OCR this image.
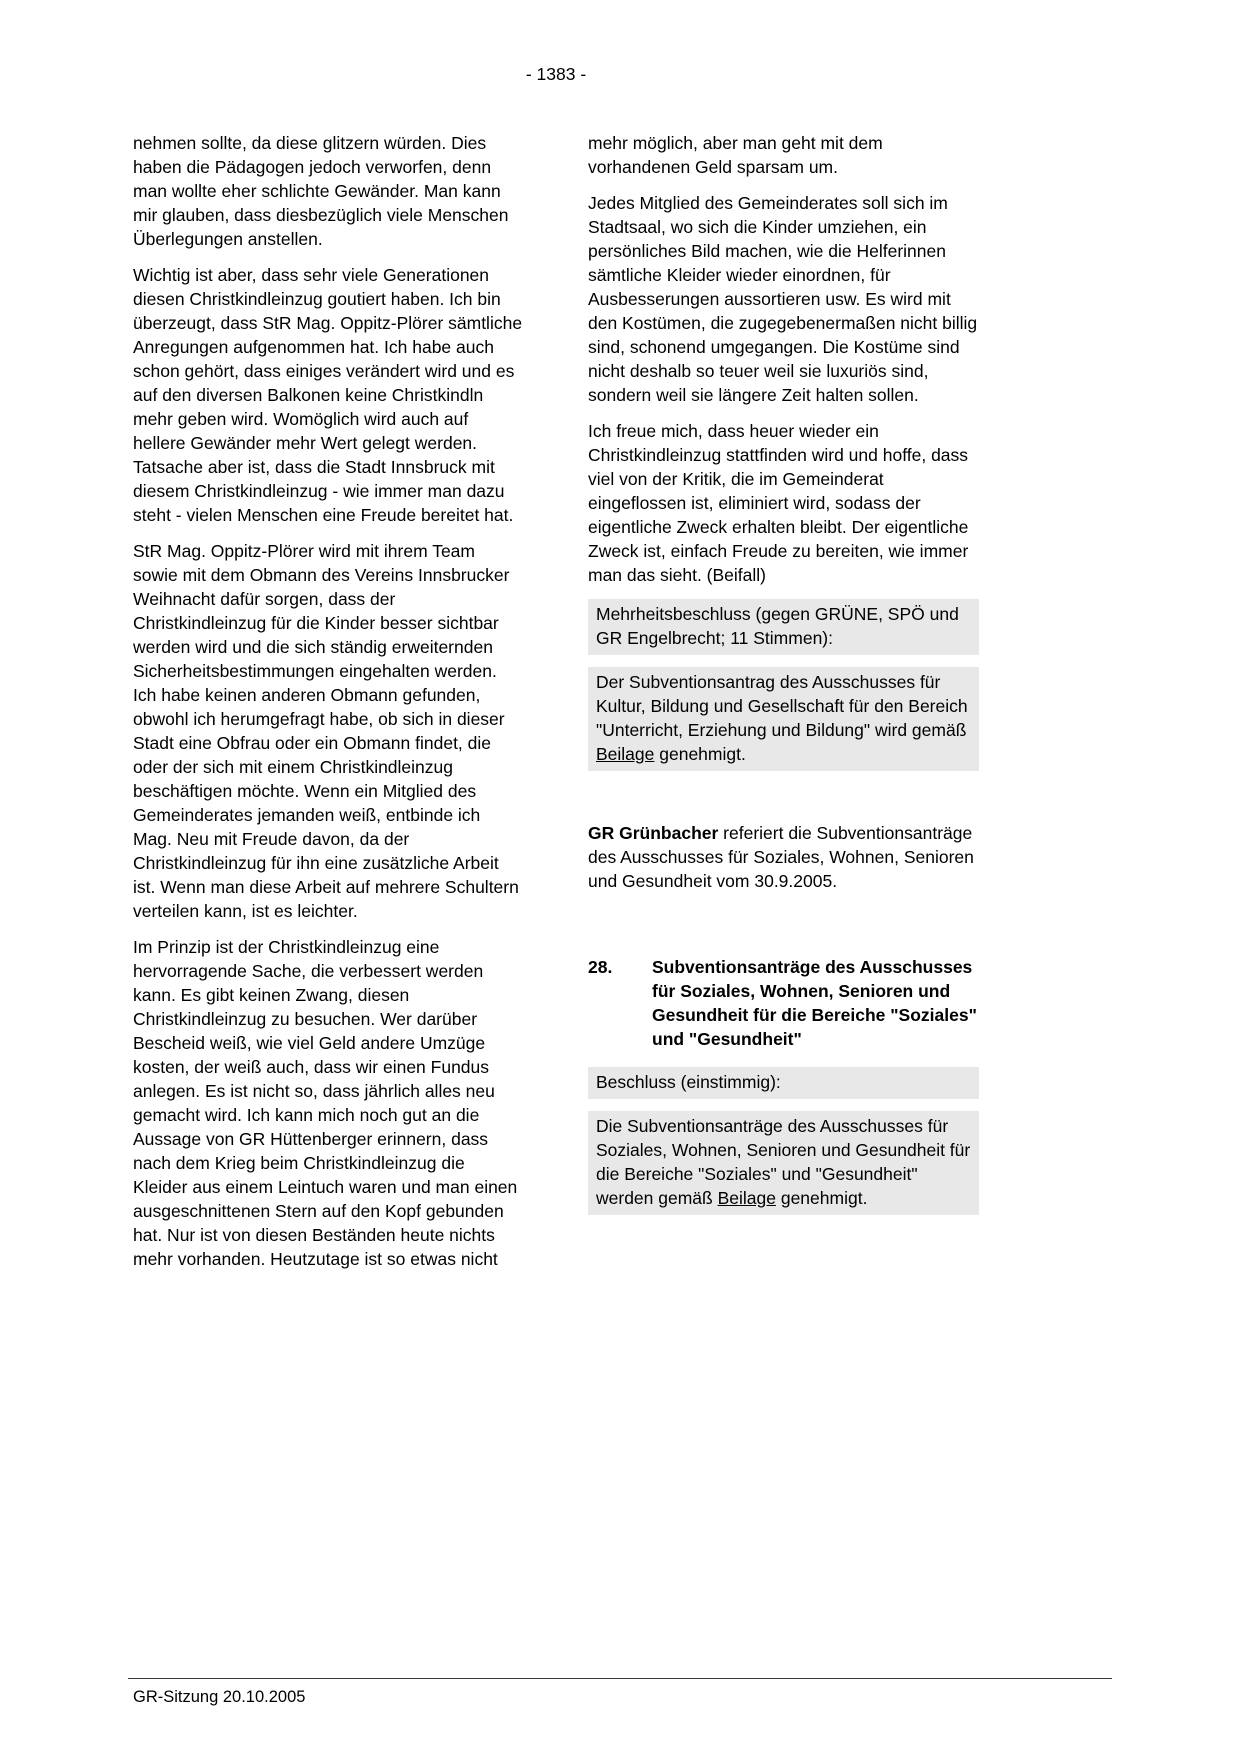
- 1383 -

nehmen sollte, da diese glitzern würden. Dies haben die Pädagogen jedoch verworfen, denn man wollte eher schlichte Gewänder. Man kann mir glauben, dass diesbezüglich viele Menschen Überlegungen anstellen.

Wichtig ist aber, dass sehr viele Generationen diesen Christkindleinzug goutiert haben. Ich bin überzeugt, dass StR Mag. Oppitz-Plörer sämtliche Anregungen aufgenommen hat. Ich habe auch schon gehört, dass einiges verändert wird und es auf den diversen Balkonen keine Christkindln mehr geben wird. Womöglich wird auch auf hellere Gewänder mehr Wert gelegt werden. Tatsache aber ist, dass die Stadt Innsbruck mit diesem Christkindleinzug - wie immer man dazu steht - vielen Menschen eine Freude bereitet hat.

StR Mag. Oppitz-Plörer wird mit ihrem Team sowie mit dem Obmann des Vereins Innsbrucker Weihnacht dafür sorgen, dass der Christkindleinzug für die Kinder besser sichtbar werden wird und die sich ständig erweiternden Sicherheitsbestimmungen eingehalten werden. Ich habe keinen anderen Obmann gefunden, obwohl ich herumgefragt habe, ob sich in dieser Stadt eine Obfrau oder ein Obmann findet, die oder der sich mit einem Christkindleinzug beschäftigen möchte. Wenn ein Mitglied des Gemeinderates jemanden weiß, entbinde ich Mag. Neu mit Freude davon, da der Christkindleinzug für ihn eine zusätzliche Arbeit ist. Wenn man diese Arbeit auf mehrere Schultern verteilen kann, ist es leichter.

Im Prinzip ist der Christkindleinzug eine hervorragende Sache, die verbessert werden kann. Es gibt keinen Zwang, diesen Christkindleinzug zu besuchen. Wer darüber Bescheid weiß, wie viel Geld andere Umzüge kosten, der weiß auch, dass wir einen Fundus anlegen. Es ist nicht so, dass jährlich alles neu gemacht wird. Ich kann mich noch gut an die Aussage von GR Hüttenberger erinnern, dass nach dem Krieg beim Christkindleinzug die Kleider aus einem Leintuch waren und man einen ausgeschnittenen Stern auf den Kopf gebunden hat. Nur ist von diesen Beständen heute nichts mehr vorhanden. Heutzutage ist so etwas nicht

mehr möglich, aber man geht mit dem vorhandenen Geld sparsam um.

Jedes Mitglied des Gemeinderates soll sich im Stadtsaal, wo sich die Kinder umziehen, ein persönliches Bild machen, wie die Helferinnen sämtliche Kleider wieder einordnen, für Ausbesserungen aussortieren usw. Es wird mit den Kostümen, die zugegebenermaßen nicht billig sind, schonend umgegangen. Die Kostüme sind nicht deshalb so teuer weil sie luxuriös sind, sondern weil sie längere Zeit halten sollen.

Ich freue mich, dass heuer wieder ein Christkindleinzug stattfinden wird und hoffe, dass viel von der Kritik, die im Gemeinderat eingeflossen ist, eliminiert wird, sodass der eigentliche Zweck erhalten bleibt. Der eigentliche Zweck ist, einfach Freude zu bereiten, wie immer man das sieht. (Beifall)

Mehrheitsbeschluss (gegen GRÜNE, SPÖ und GR Engelbrecht; 11 Stimmen):

Der Subventionsantrag des Ausschusses für Kultur, Bildung und Gesellschaft für den Bereich "Unterricht, Erziehung und Bildung" wird gemäß Beilage genehmigt.

GR Grünbacher referiert die Subventionsanträge des Ausschusses für Soziales, Wohnen, Senioren und Gesundheit vom 30.9.2005.

28.	Subventionsanträge des Ausschusses für Soziales, Wohnen, Senioren und Gesundheit für die Bereiche "Soziales" und "Gesundheit"

Beschluss (einstimmig):

Die Subventionsanträge des Ausschusses für Soziales, Wohnen, Senioren und Gesundheit für die Bereiche "Soziales" und "Gesundheit" werden gemäß Beilage genehmigt.

GR-Sitzung 20.10.2005
